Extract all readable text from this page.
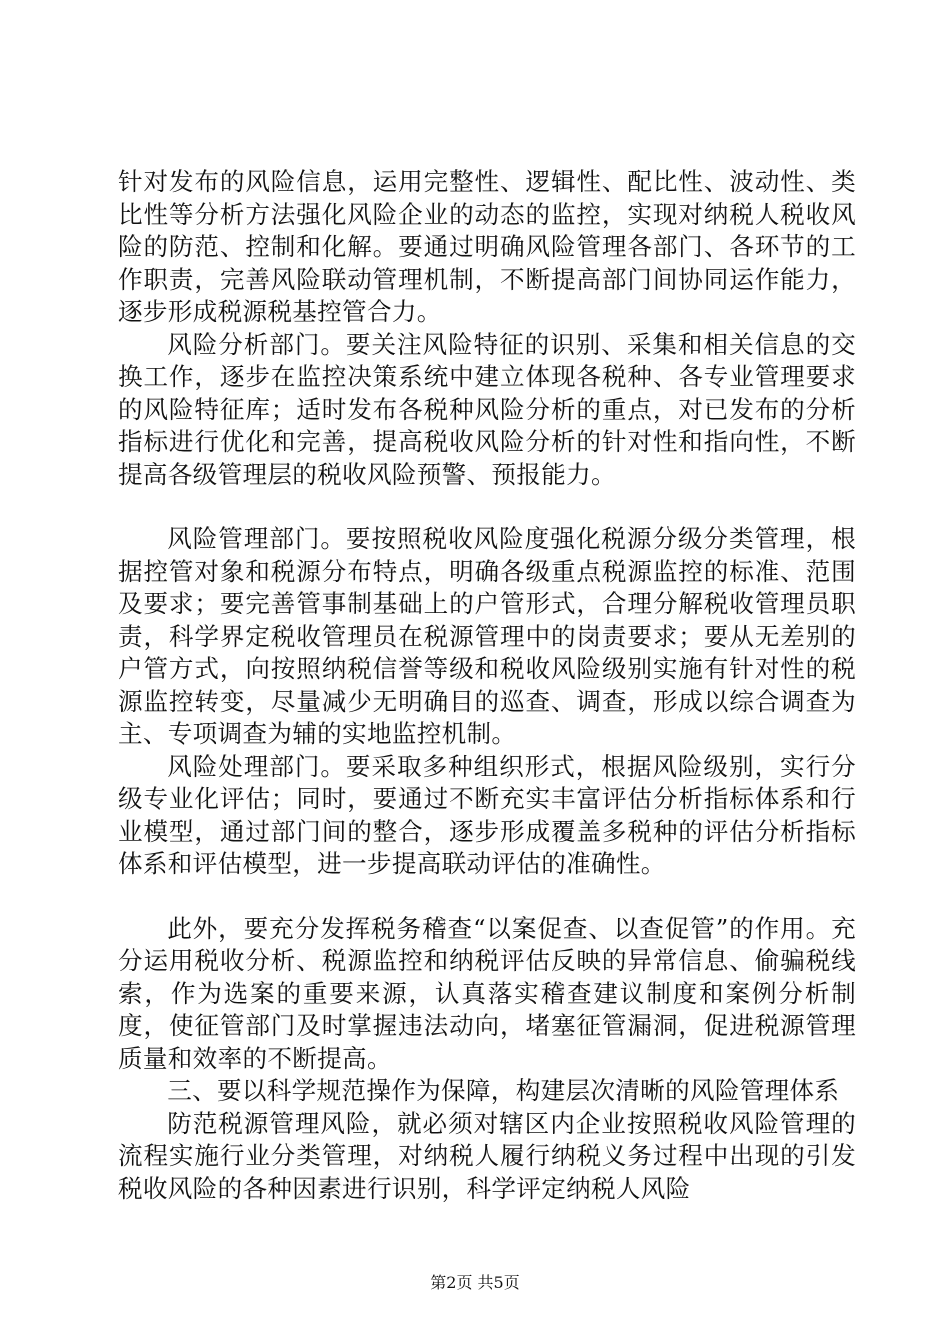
针对发布的风险信息，运用完整性、逻辑性、配比性、波动性、类比性等分析方法强化风险企业的动态的监控，实现对纳税人税收风险的防范、控制和化解。要通过明确风险管理各部门、各环节的工作职责，完善风险联动管理机制，不断提高部门间协同运作能力，逐步形成税源税基控管合力。

风险分析部门。要关注风险特征的识别、采集和相关信息的交换工作，逐步在监控决策系统中建立体现各税种、各专业管理要求的风险特征库；适时发布各税种风险分析的重点，对已发布的分析指标进行优化和完善，提高税收风险分析的针对性和指向性，不断提高各级管理层的税收风险预警、预报能力。

风险管理部门。要按照税收风险度强化税源分级分类管理，根据控管对象和税源分布特点，明确各级重点税源监控的标准、范围及要求；要完善管事制基础上的户管形式，合理分解税收管理员职责，科学界定税收管理员在税源管理中的岗责要求；要从无差别的户管方式，向按照纳税信誉等级和税收风险级别实施有针对性的税源监控转变，尽量减少无明确目的巡查、调查，形成以综合调查为主、专项调查为辅的实地监控机制。

风险处理部门。要采取多种组织形式，根据风险级别，实行分级专业化评估；同时，要通过不断充实丰富评估分析指标体系和行业模型，通过部门间的整合，逐步形成覆盖多税种的评估分析指标体系和评估模型，进一步提高联动评估的准确性。

此外，要充分发挥税务稽查“以案促查、以查促管”的作用。充分运用税收分析、税源监控和纳税评估反映的异常信息、偷骗税线索，作为选案的重要来源，认真落实稽查建议制度和案例分析制度，使征管部门及时掌握违法动向，堵塞征管漏洞，促进税源管理质量和效率的不断提高。

三、要以科学规范操作为保障，构建层次清晰的风险管理体系

防范税源管理风险，就必须对辖区内企业按照税收风险管理的流程实施行业分类管理，对纳税人履行纳税义务过程中出现的引发税收风险的各种因素进行识别，科学评定纳税人风险

第2页 共5页
